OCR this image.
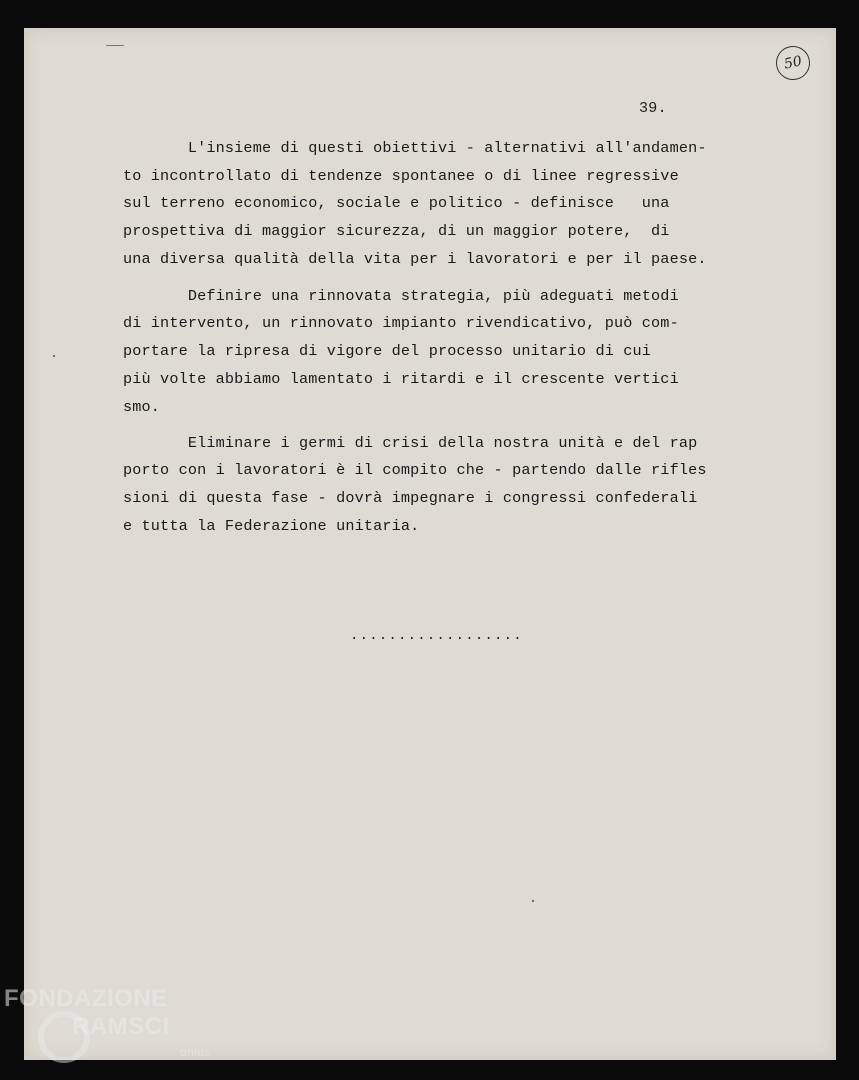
50
39.
L'insieme di questi obiettivi - alternativi all'andamen-
to incontrollato di tendenze spontanee o di linee regressive
sul terreno economico, sociale e politico - definisce   una
prospettiva di maggior sicurezza, di un maggior potere,  di
una diversa qualità della vita per i lavoratori e per il paese.
Definire una rinnovata strategia, più adeguati metodi
di intervento, un rinnovato impianto rivendicativo, può com-
portare la ripresa di vigore del processo unitario di cui
più volte abbiamo lamentato i ritardi e il crescente vertici
smo.
Eliminare i germi di crisi della nostra unità e del rap
porto con i lavoratori è il compito che - partendo dalle rifles
sioni di questa fase - dovrà impegnare i congressi confederali
e tutta la Federazione unitaria.
..................
FONDAZIONE
RAMSCI
onlus
